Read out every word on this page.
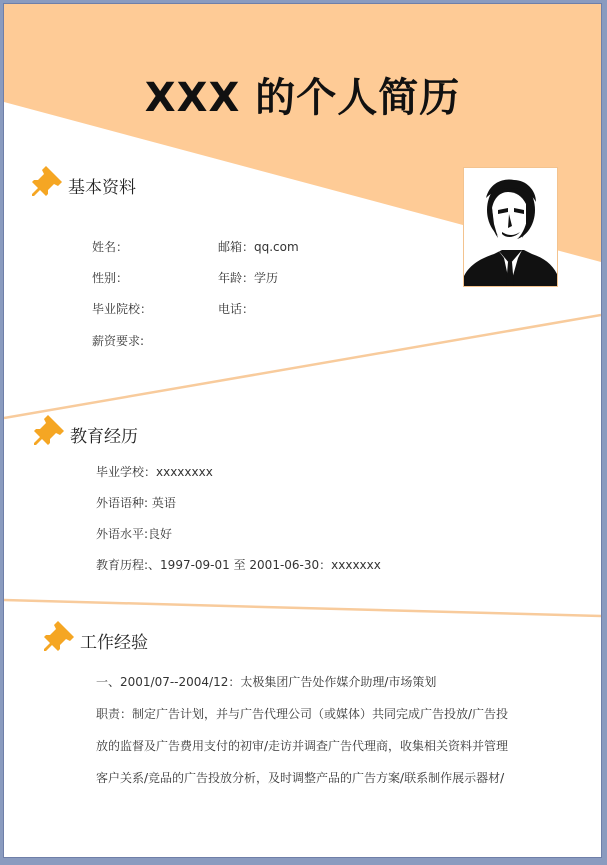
XXX 的个人简历
基本资料
姓名：	邮箱：qq.com
性别：	年龄：学历
毕业院校：	电话：
薪资要求:
教育经历
毕业学校：xxxxxxxx
外语语种: 英语
外语水平:良好
教育历程:、1997-09-01 至 2001-06-30：xxxxxxx
工作经验
一、2001/07--2004/12：太极集团广告处作媒介助理/市场策划
职责：制定广告计划，并与广告代理公司（或媒体）共同完成广告投放/广告投
放的监督及广告费用支付的初审/走访并调查广告代理商，收集相关资料并管理
客户关系/竞品的广告投放分析，及时调整产品的广告方案/联系制作展示器材/
